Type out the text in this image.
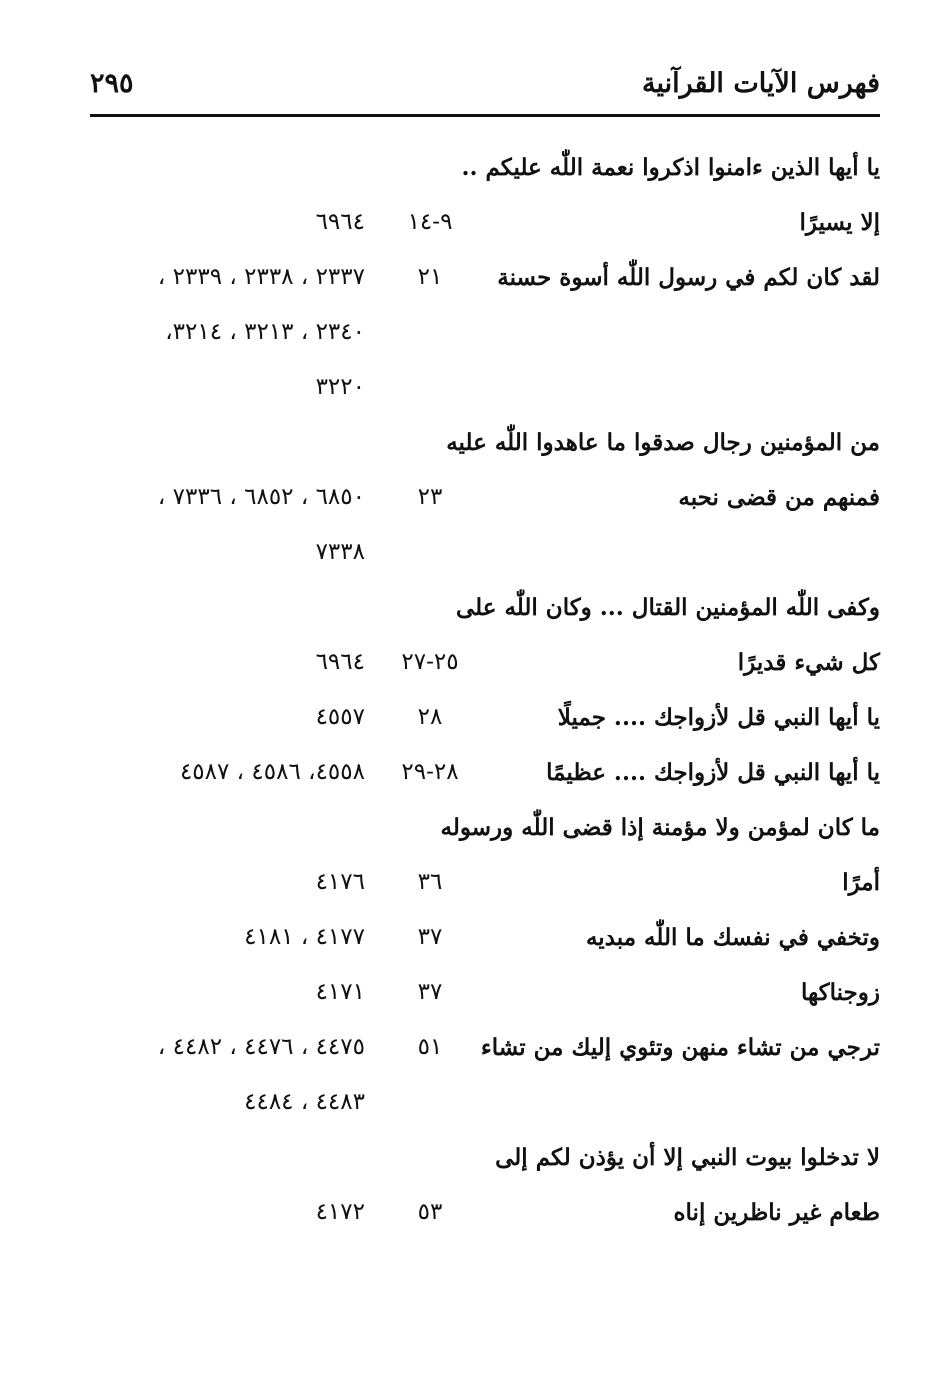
فهرس الآيات القرآنية
٢٩٥
يا أيها الذين ءامنوا اذكروا نعمة اللّٰه عليكم ..
إلا يسيرًا
٩-١٤
٦٩٦٤
لقد كان لكم في رسول اللّٰه أسوة حسنة
٢١
٢٣٣٧ ، ٢٣٣٨ ، ٢٣٣٩ ،
٢٣٤٠ ، ٣٢١٣ ، ٣٢١٤،
٣٢٢٠
من المؤمنين رجال صدقوا ما عاهدوا اللّٰه عليه
فمنهم من قضى نحبه
٢٣
٦٨٥٠ ، ٦٨٥٢ ، ٧٣٣٦ ،
٧٣٣٨
وكفى اللّٰه المؤمنين القتال ... وكان اللّٰه على
كل شيء قديرًا
٢٥-٢٧
٦٩٦٤
يا أيها النبي قل لأزواجك .... جميلًا
٢٨
٤٥٥٧
يا أيها النبي قل لأزواجك .... عظيمًا
٢٨-٢٩
٤٥٥٨، ٤٥٨٦ ، ٤٥٨٧
ما كان لمؤمن ولا مؤمنة إذا قضى اللّٰه ورسوله
أمرًا
٣٦
٤١٧٦
وتخفي في نفسك ما اللّٰه مبديه
٣٧
٤١٧٧ ، ٤١٨١
زوجناكها
٣٧
٤١٧١
ترجي من تشاء منهن وتئوي إليك من تشاء
٥١
٤٤٧٥ ، ٤٤٧٦ ، ٤٤٨٢ ،
٤٤٨٣ ، ٤٤٨٤
لا تدخلوا بيوت النبي إلا أن يؤذن لكم إلى
طعام غير ناظرين إناه
٥٣
٤١٧٢
